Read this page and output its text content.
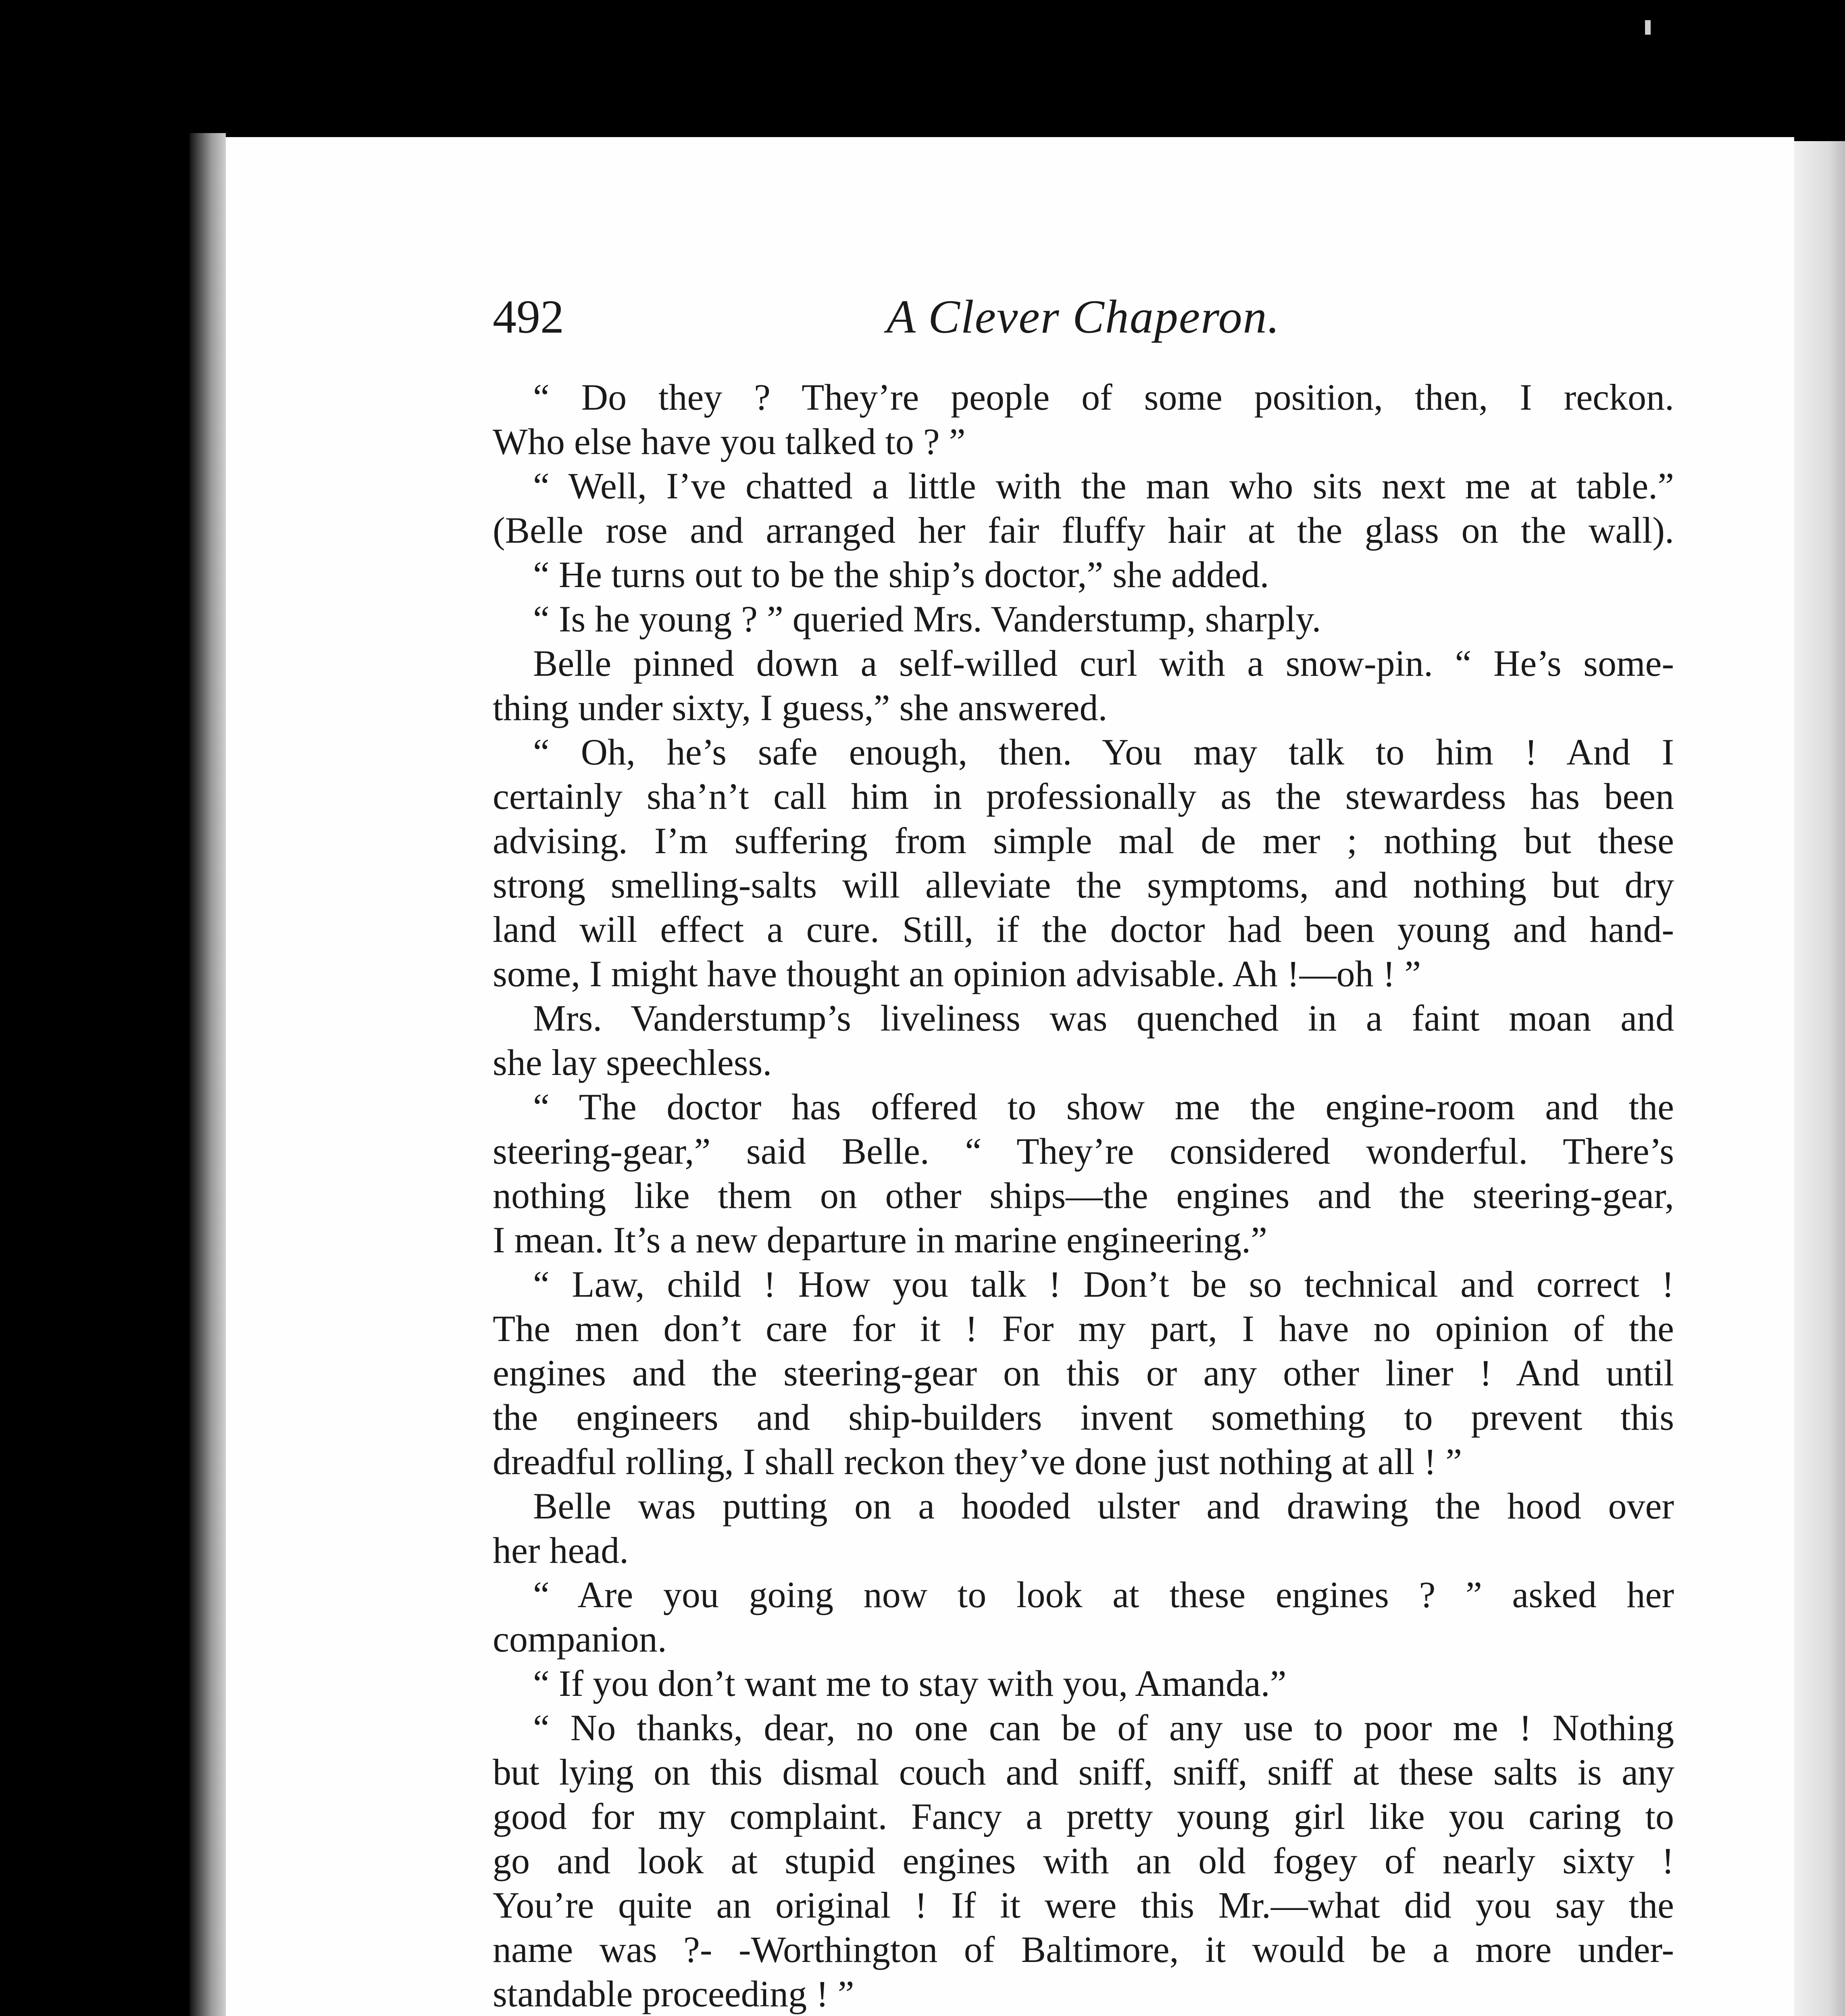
A Clever Chaperon.
492
“ Do they ? They’re people of some position, then, I reckon.
Who else have you talked to ? ”
“ Well, I’ve chatted a little with the man who sits next me at table.”
(Belle rose and arranged her fair fluffy hair at the glass on the wall).
“ He turns out to be the ship’s doctor,” she added.
“ Is he young ? ” queried Mrs. Vanderstump, sharply.
Belle pinned down a self-willed curl with a snow-pin. “ He’s some-
thing under sixty, I guess,” she answered.
“ Oh, he’s safe enough, then. You may talk to him ! And I
certainly sha’n’t call him in professionally as the stewardess has been
advising. I’m suffering from simple mal de mer ; nothing but these
strong smelling-salts will alleviate the symptoms, and nothing but dry
land will effect a cure. Still, if the doctor had been young and hand-
some, I might have thought an opinion advisable. Ah !—oh ! ”
Mrs. Vanderstump’s liveliness was quenched in a faint moan and
she lay speechless.
“ The doctor has offered to show me the engine-room and the
steering-gear,” said Belle. “ They’re considered wonderful. There’s
nothing like them on other ships—the engines and the steering-gear,
I mean. It’s a new departure in marine engineering.”
“ Law, child ! How you talk ! Don’t be so technical and correct !
The men don’t care for it ! For my part, I have no opinion of the
engines and the steering-gear on this or any other liner ! And until
the engineers and ship-builders invent something to prevent this
dreadful rolling, I shall reckon they’ve done just nothing at all ! ”
Belle was putting on a hooded ulster and drawing the hood over
her head.
“ Are you going now to look at these engines ? ” asked her
companion.
“ If you don’t want me to stay with you, Amanda.”
“ No thanks, dear, no one can be of any use to poor me ! Nothing
but lying on this dismal couch and sniff, sniff, sniff at these salts is any
good for my complaint. Fancy a pretty young girl like you caring to
go and look at stupid engines with an old fogey of nearly sixty !
You’re quite an original ! If it were this Mr.—what did you say the
name was ?- -Worthington of Baltimore, it would be a more under-
standable proceeding ! ”
